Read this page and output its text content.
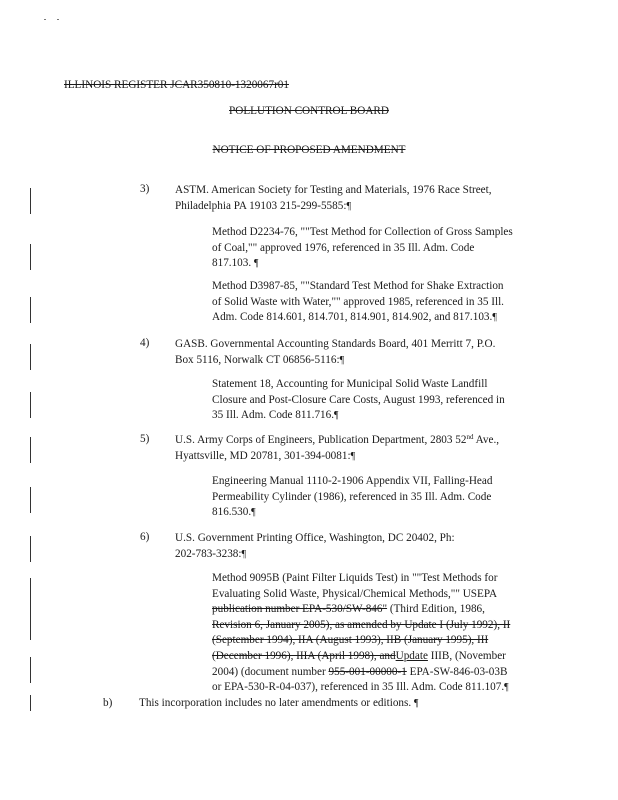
ILLINOIS REGISTER JCAR350810-1320067r01
POLLUTION CONTROL BOARD
NOTICE OF PROPOSED AMENDMENT
3) ASTM. American Society for Testing and Materials, 1976 Race Street,
Philadelphia PA 19103 215-299-5585:¶
Method D2234-76, ""Test Method for Collection of Gross Samples
of Coal,"" approved 1976, referenced in 35 Ill. Adm. Code
817.103. ¶
Method D3987-85, ""Standard Test Method for Shake Extraction
of Solid Waste with Water,"" approved 1985, referenced in 35 Ill.
Adm. Code 814.601, 814.701, 814.901, 814.902, and 817.103.¶
4) GASB. Governmental Accounting Standards Board, 401 Merritt 7, P.O.
Box 5116, Norwalk CT 06856-5116:¶
Statement 18, Accounting for Municipal Solid Waste Landfill
Closure and Post-Closure Care Costs, August 1993, referenced in
35 Ill. Adm. Code 811.716.¶
5) U.S. Army Corps of Engineers, Publication Department, 2803 52nd Ave.,
Hyattsville, MD 20781, 301-394-0081:¶
Engineering Manual 1110-2-1906 Appendix VII, Falling-Head
Permeability Cylinder (1986), referenced in 35 Ill. Adm. Code
816.530.¶
6) U.S. Government Printing Office, Washington, DC 20402, Ph:
202-783-3238:¶
Method 9095B (Paint Filter Liquids Test) in ""Test Methods for
Evaluating Solid Waste, Physical/Chemical Methods,"" USEPA
publication number EPA-530/SW-846" (Third Edition, 1986,
Revision 6, January 2005), as amended by Update I (July 1992), II
(September 1994), IIA (August 1993), IIB (January 1995), III
(December 1996), IIIA (April 1998), andUpdate IIIB, (November
2004) (document number 955-001-00000-1 EPA-SW-846-03-03B
or EPA-530-R-04-037), referenced in 35 Ill. Adm. Code 811.107.¶
b) This incorporation includes no later amendments or editions. ¶
